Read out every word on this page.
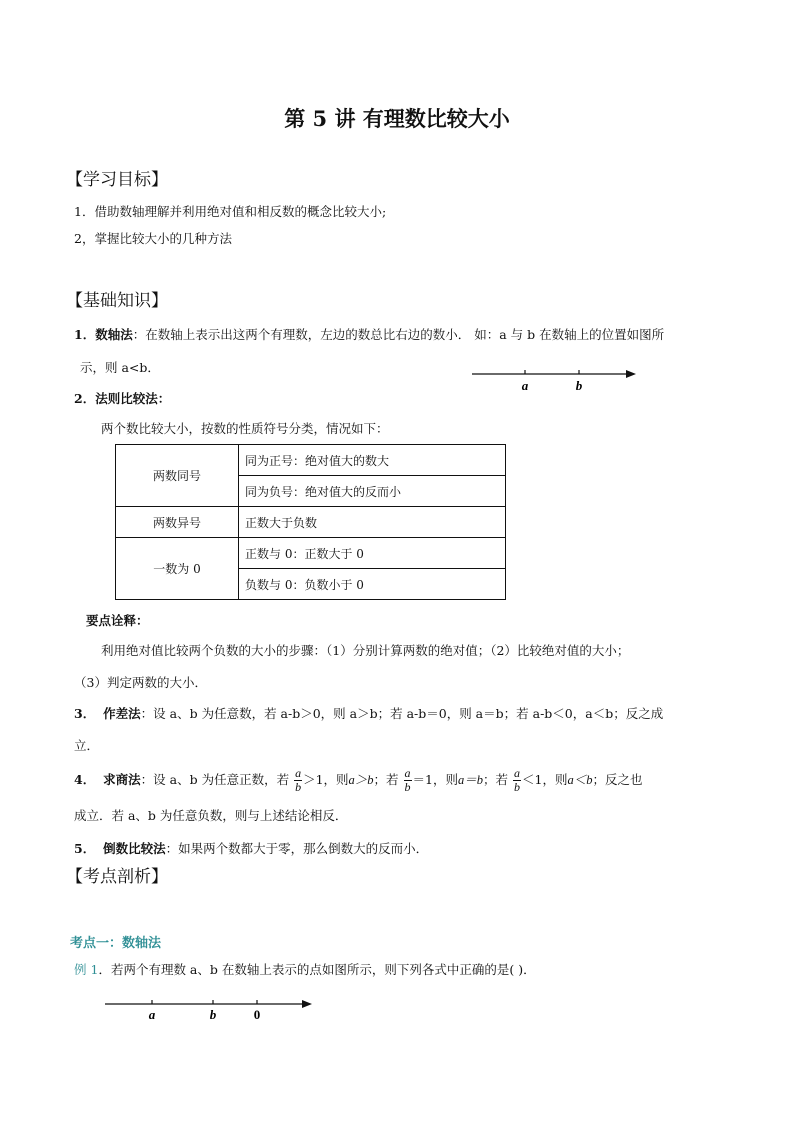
第 5 讲 有理数比较大小
【学习目标】
1．借助数轴理解并利用绝对值和相反数的概念比较大小;
2，掌握比较大小的几种方法
【基础知识】
1．数轴法：在数轴上表示出这两个有理数，左边的数总比右边的数小． 如：a 与 b 在数轴上的位置如图所
示，则 a<b．
a	b
2．法则比较法：
两个数比较大小，按数的性质符号分类，情况如下：
两数同号	同为正号：绝对值大的数大
	同为负号：绝对值大的反而小
两数异号	正数大于负数
一数为 0	正数与 0：正数大于 0
	负数与 0：负数小于 0
要点诠释：
利用绝对值比较两个负数的大小的步骤：（1）分别计算两数的绝对值；（2）比较绝对值的大小；
（3）判定两数的大小．
3． 作差法：设 a、b 为任意数，若 a-b＞0，则 a＞b；若 a-b＝0，则 a＝b；若 a-b＜0，a＜b；反之成
立．
4． 求商法：设 a、b 为任意正数，若 $\frac{a}{b} >1$，则a＞b；若 $\frac{a}{b} =1$，则a＝b；若 $\frac{a}{b} <1$，则a＜b；反之也
成立．若 a、b 为任意负数，则与上述结论相反．
5． 倒数比较法：如果两个数都大于零，那么倒数大的反而小．
【考点剖析】
考点一：数轴法
例 1．若两个有理数 a、b 在数轴上表示的点如图所示，则下列各式中正确的是( )．
a	b	0
